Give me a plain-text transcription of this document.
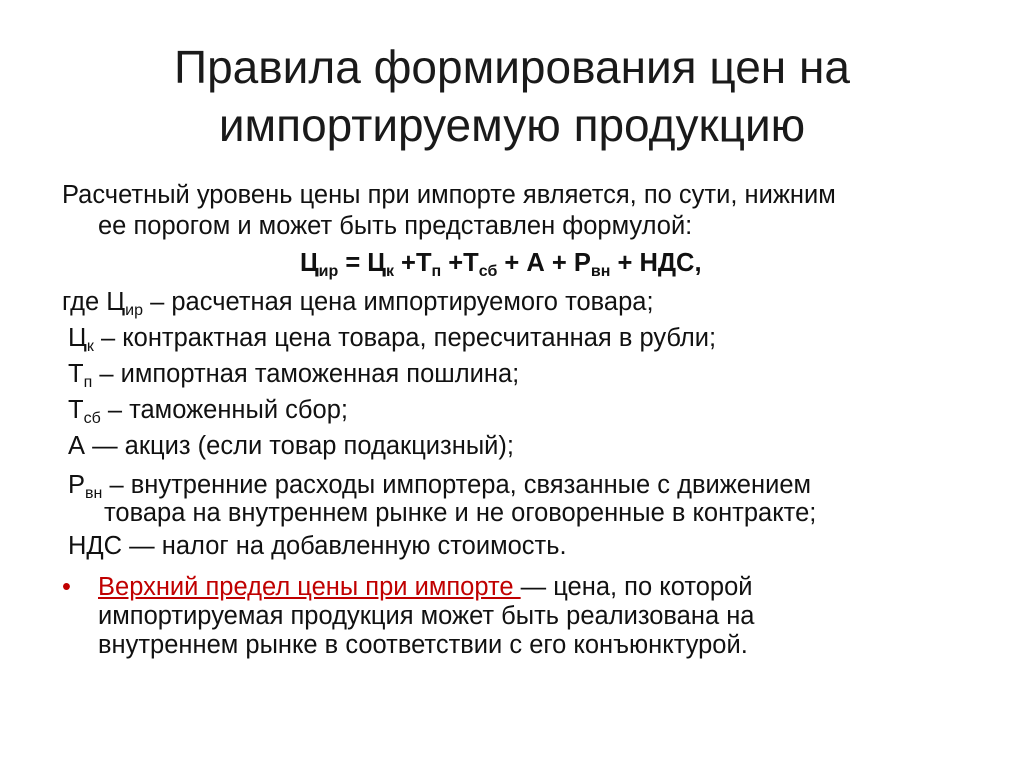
Правила формирования цен на
импортируемую продукцию

Расчетный уровень цены при импорте является, по сути, нижним
ее порогом и может быть представлен формулой:

$Ц_{ир} = Ц_к +Т_п +Т_{сб} + А + Р_{вн}$ + НДС,
где $Ц_{ир}$ – расчетная цена импортируемого товара;
$Ц_к$ – контрактная цена товара, пересчитанная в рубли;
$Т_п$ – импортная таможенная пошлина;
$Т_{сб}$ – таможенный сбор;
А — акциз (если товар подакцизный);
$Р_{вн}$ – внутренние расходы импортера, связанные с движением
товара на внутреннем рынке и не оговоренные в контракте;
НДС — налог на добавленную стоимость.
• Верхний предел цены при импорте — цена, по которой
импортируемая продукция может быть реализована на
внутреннем рынке в соответствии с его конъюнктурой.
